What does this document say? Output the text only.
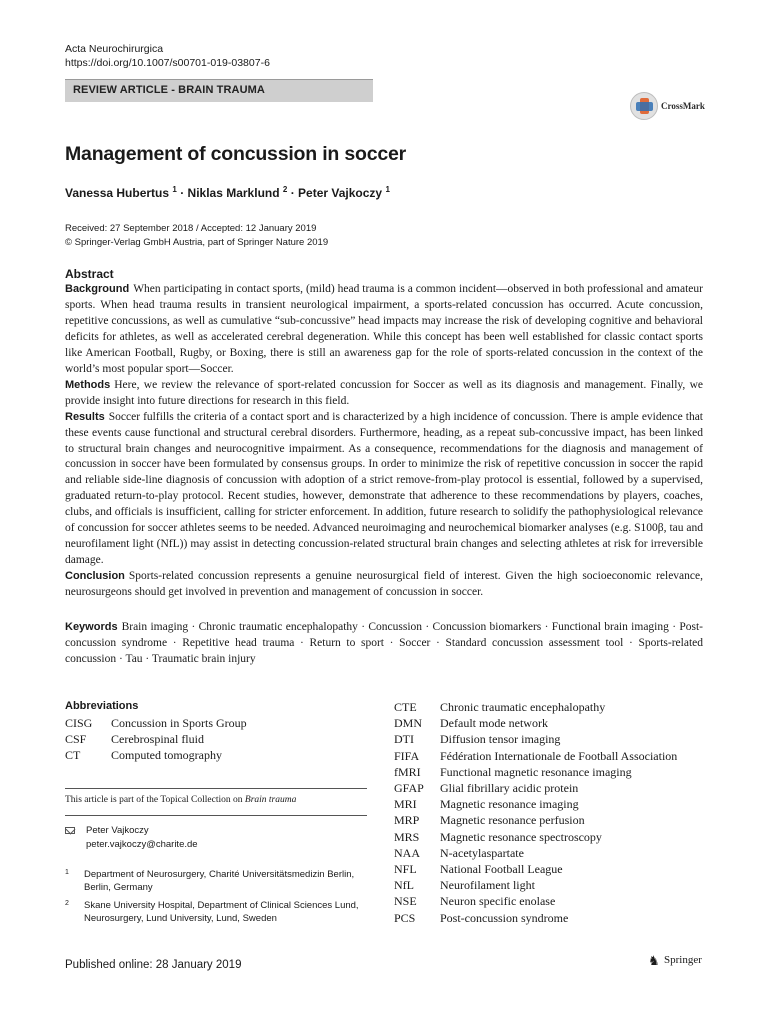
Acta Neurochirurgica
https://doi.org/10.1007/s00701-019-03807-6
REVIEW ARTICLE - BRAIN TRAUMA
CrossMark
Management of concussion in soccer
Vanessa Hubertus $^1$ · Niklas Marklund $^2$ · Peter Vajkoczy $^1$
Received: 27 September 2018 / Accepted: 12 January 2019
© Springer-Verlag GmbH Austria, part of Springer Nature 2019
Abstract

Background When participating in contact sports, (mild) head trauma is a common incident—observed in both professional and amateur sports. When head trauma results in transient neurological impairment, a sports-related concussion has occurred. Acute concussion, repetitive concussions, as well as cumulative “sub-concussive” head impacts may increase the risk of developing cognitive and behavioral deficits for athletes, as well as accelerated cerebral degeneration. While this concept has been well established for classic contact sports like American Football, Rugby, or Boxing, there is still an awareness gap for the role of sports-related concussion in the context of the world’s most popular sport—Soccer.

Methods Here, we review the relevance of sport-related concussion for Soccer as well as its diagnosis and management. Finally, we provide insight into future directions for research in this field.

Results Soccer fulfills the criteria of a contact sport and is characterized by a high incidence of concussion. There is ample evidence that these events cause functional and structural cerebral disorders. Furthermore, heading, as a repeat sub-concussive impact, has been linked to structural brain changes and neurocognitive impairment. As a consequence, recommendations for the diagnosis and management of concussion in soccer have been formulated by consensus groups. In order to minimize the risk of repetitive concussion in soccer the rapid and reliable side-line diagnosis of concussion with adoption of a strict remove-from-play protocol is essential, followed by a supervised, graduated return-to-play protocol. Recent studies, however, demonstrate that adherence to these recommendations by players, coaches, clubs, and officials is insufficient, calling for stricter enforcement. In addition, future research to solidify the pathophysiological relevance of concussion for soccer athletes seems to be needed. Advanced neuroimaging and neurochemical biomarker analyses (e.g. S100β, tau and neurofilament light (NfL)) may assist in detecting concussion-related structural brain changes and selecting athletes at risk for irreversible damage.

Conclusion Sports-related concussion represents a genuine neurosurgical field of interest. Given the high socioeconomic relevance, neurosurgeons should get involved in prevention and management of concussion in soccer.

Keywords Brain imaging · Chronic traumatic encephalopathy · Concussion · Concussion biomarkers · Functional brain imaging · Post-concussion syndrome · Repetitive head trauma · Return to sport · Soccer · Standard concussion assessment tool · Sports-related concussion · Tau · Traumatic brain injury
Abbreviations
CISG	Concussion in Sports Group
CSF	Cerebrospinal fluid
CT	Computed tomography
CTE	Chronic traumatic encephalopathy
DMN	Default mode network
DTI	Diffusion tensor imaging
FIFA	Fédération Internationale de Football Association
fMRI	Functional magnetic resonance imaging
GFAP	Glial fibrillary acidic protein
MRI	Magnetic resonance imaging
MRP	Magnetic resonance perfusion
MRS	Magnetic resonance spectroscopy
NAA	N-acetylaspartate
NFL	National Football League
NfL	Neurofilament light
NSE	Neuron specific enolase
PCS	Post-concussion syndrome
This article is part of the Topical Collection on Brain trauma
Peter Vajkoczy
peter.vajkoczy@charite.de
1 Department of Neurosurgery, Charité Universitätsmedizin Berlin, Berlin, Germany
2 Skane University Hospital, Department of Clinical Sciences Lund, Neurosurgery, Lund University, Lund, Sweden
Published online: 28 January 2019	♞ Springer
